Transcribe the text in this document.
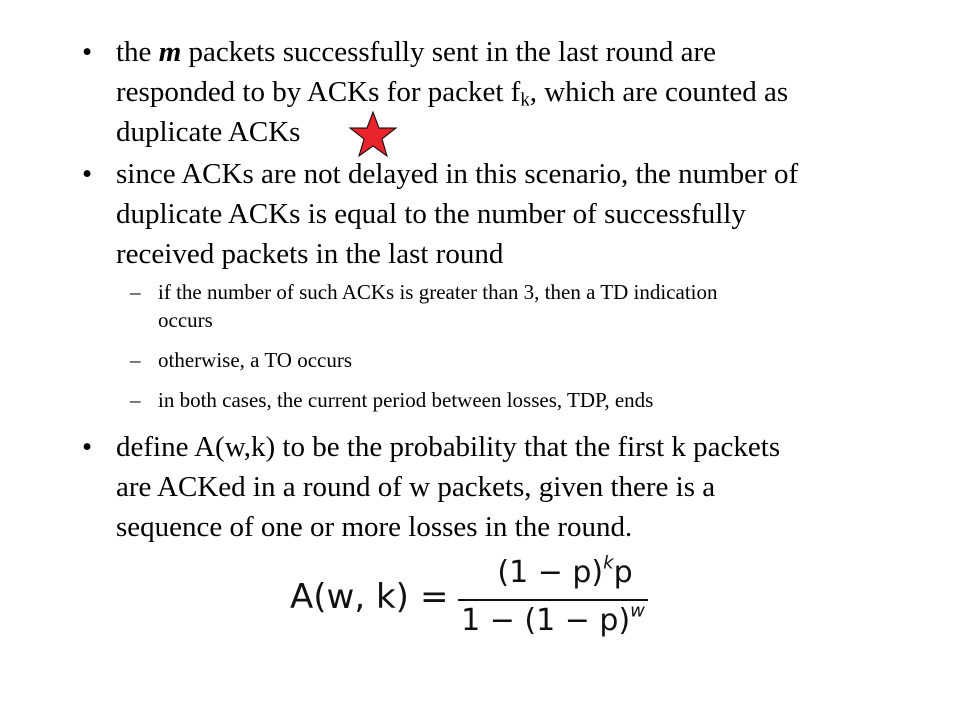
• the m packets successfully sent in the last round are
responded to by ACKs for packet $f_k$, which are counted as
duplicate ACKs
• since ACKs are not delayed in this scenario, the number of
duplicate ACKs is equal to the number of successfully
received packets in the last round
– if the number of such ACKs is greater than 3, then a TD indication
occurs
– otherwise, a TO occurs
– in both cases, the current period between losses, TDP, ends
• define A(w,k) to be the probability that the first k packets
are ACKed in a round of w packets, given there is a
sequence of one or more losses in the round.
A(w, k) =
$(1 - p)^kp$
$1 - (1 - p)^w$
